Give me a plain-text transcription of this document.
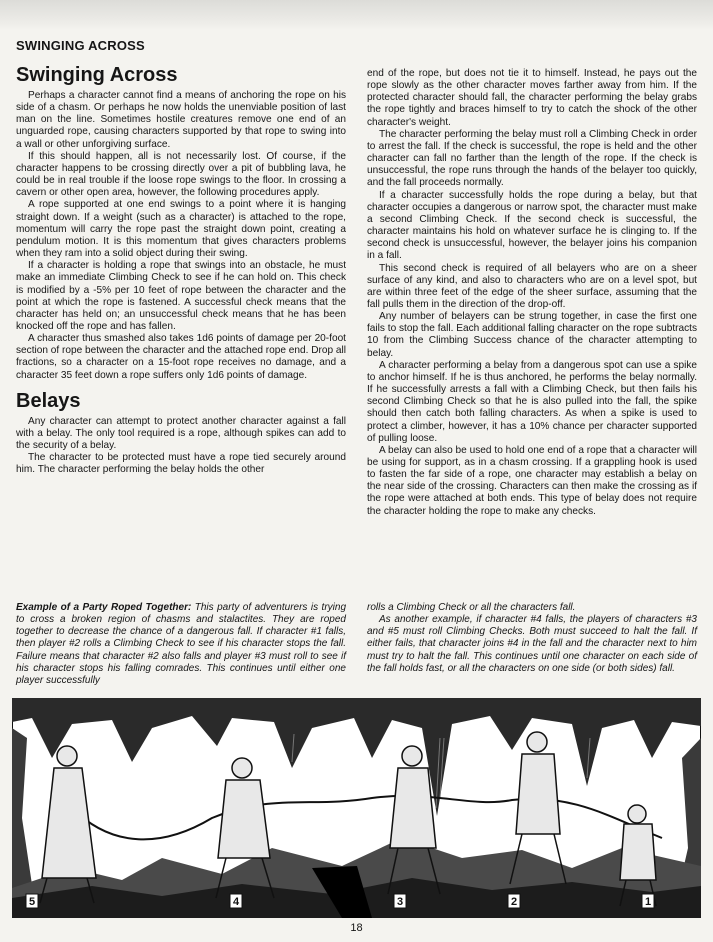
SWINGING ACROSS
Swinging Across

Perhaps a character cannot find a means of anchoring the rope on his side of a chasm. Or perhaps he now holds the unenviable position of last man on the line. Sometimes hostile creatures remove one end of an unguarded rope, causing characters supported by that rope to swing into a wall or other unforgiving surface.

If this should happen, all is not necessarily lost. Of course, if the character happens to be crossing directly over a pit of bubbling lava, he could be in real trouble if the loose rope swings to the floor. In crossing a cavern or other open area, however, the following procedures apply.

A rope supported at one end swings to a point where it is hanging straight down. If a weight (such as a character) is attached to the rope, momentum will carry the rope past the straight down point, creating a pendulum motion. It is this momentum that gives characters problems when they ram into a solid object during their swing.

If a character is holding a rope that swings into an obstacle, he must make an immediate Climbing Check to see if he can hold on. This check is modified by a -5% per 10 feet of rope between the character and the point at which the rope is fastened. A successful check means that the character has held on; an unsuccessful check means that he has been knocked off the rope and has fallen.

A character thus smashed also takes 1d6 points of damage per 20-foot section of rope between the character and the attached rope end. Drop all fractions, so a character on a 15-foot rope receives no damage, and a character 35 feet down a rope suffers only 1d6 points of damage.

Belays

Any character can attempt to protect another character against a fall with a belay. The only tool required is a rope, although spikes can add to the security of a belay.

The character to be protected must have a rope tied securely around him. The character performing the belay holds the other

end of the rope, but does not tie it to himself. Instead, he pays out the rope slowly as the other character moves farther away from him. If the protected character should fall, the character performing the belay grabs the rope tightly and braces himself to try to catch the shock of the other character's weight.

The character performing the belay must roll a Climbing Check in order to arrest the fall. If the check is successful, the rope is held and the other character can fall no farther than the length of the rope. If the check is unsuccessful, the rope runs through the hands of the belayer too quickly, and the fall proceeds normally.

If a character successfully holds the rope during a belay, but that character occupies a dangerous or narrow spot, the character must make a second Climbing Check. If the second check is successful, the character maintains his hold on whatever surface he is clinging to. If the second check is unsuccessful, however, the belayer joins his companion in a fall.

This second check is required of all belayers who are on a sheer surface of any kind, and also to characters who are on a level spot, but are within three feet of the edge of the sheer surface, assuming that the fall pulls them in the direction of the drop-off.

Any number of belayers can be strung together, in case the first one fails to stop the fall. Each additional falling character on the rope subtracts 10 from the Climbing Success chance of the character attempting to belay.

A character performing a belay from a dangerous spot can use a spike to anchor himself. If he is thus anchored, he performs the belay normally. If he successfully arrests a fall with a Climbing Check, but then fails his second Climbing Check so that he is also pulled into the fall, the spike should then catch both falling characters. As when a spike is used to protect a climber, however, it has a 10% chance per character supported of pulling loose.

A belay can also be used to hold one end of a rope that a character will be using for support, as in a chasm crossing. If a grappling hook is used to fasten the far side of a rope, one character may establish a belay on the near side of the crossing. Characters can then make the crossing as if the rope were attached at both ends. This type of belay does not require the character holding the rope to make any checks.

Example of a Party Roped Together: This party of adventurers is trying to cross a broken region of chasms and stalactites. They are roped together to decrease the chance of a dangerous fall. If character #1 falls, then player #2 rolls a Climbing Check to see if his character stops the fall. Failure means that character #2 also falls and player #3 must roll to see if his character stops his falling comrades. This continues until either one player successfully

rolls a Climbing Check or all the characters fall.

As another example, if character #4 falls, the players of characters #3 and #5 must roll Climbing Checks. Both must succeed to halt the fall. If either fails, that character joins #4 in the fall and the character next to him must try to halt the fall. This continues until one character on each side of the fall holds fast, or all the characters on one side (or both sides) fall.

5	4	3	2	1
18
